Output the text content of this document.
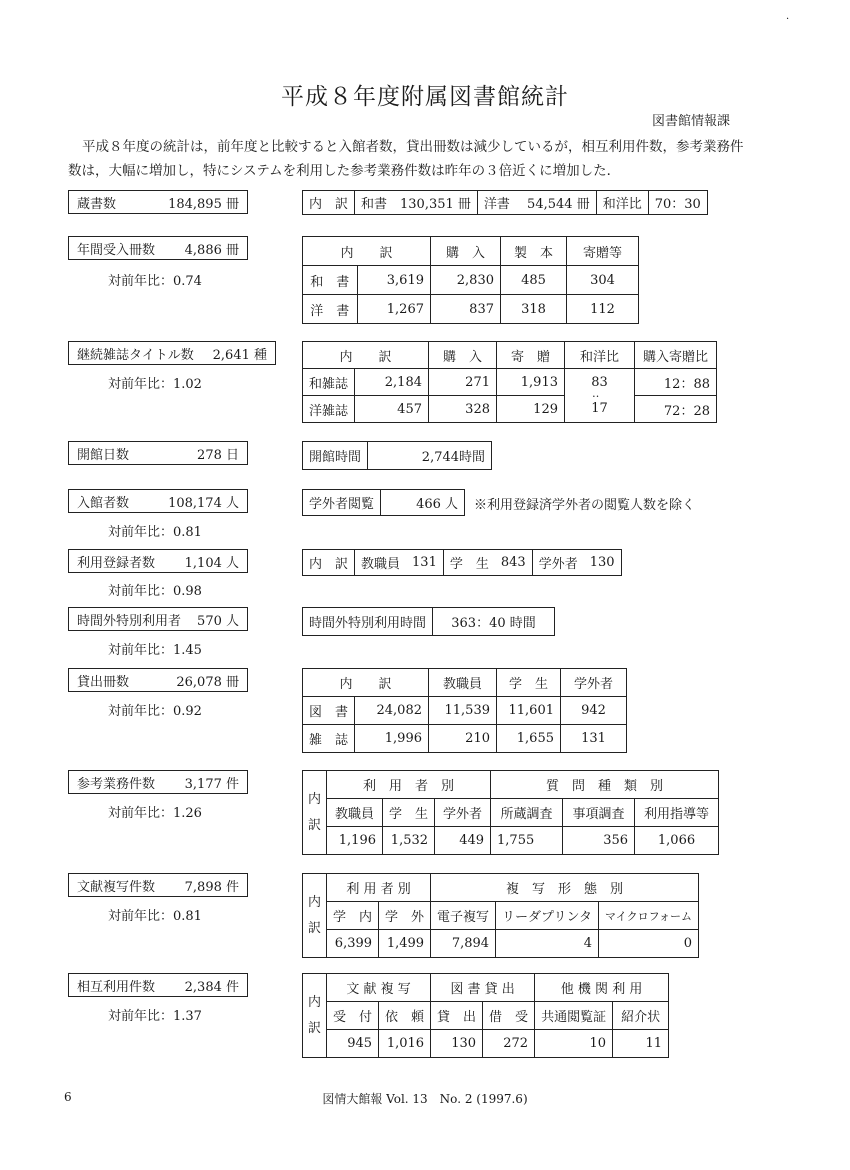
·
平成８年度附属図書館統計
図書館情報課
平成８年度の統計は，前年度と比較すると入館者数，貸出冊数は減少しているが，相互利用件数，参考業務件数は，大幅に増加し，特にシステムを利用した参考業務件数は昨年の３倍近くに増加した．
蔵書数	184,895 冊	内　訳	和書　130,351 冊	洋書　 54,544 冊	和洋比	70：30
年間受入冊数	4,886 冊
対前年比：0.74
内　　訳		購　入	製　本	寄贈等
和　書	3,619	2,830	485	304
洋　書	1,267	837	318	112
継続雑誌タイトル数	2,641 種
対前年比：1.02
内　　訳		購　入	寄　贈	和洋比	購入寄贈比
和雑誌	2,184	271	1,913	83	12：88
洋雑誌	457	328	129	17	72：28
‥
開館日数	278 日	開館時間	2,744時間
入館者数	108,174 人
対前年比：0.81
学外者閲覧	466 人 ※利用登録済学外者の閲覧人数を除く
利用登録者数	1,104 人
対前年比：0.98
内　訳	教職員	131	学　生	843	学外者	130
時間外特別利用者	570 人
対前年比：1.45
時間外特別利用時間	363：40 時間
貸出冊数	26,078 冊
対前年比：0.92
内　　訳		教職員	学　生	学外者
図　書	24,082	11,539	11,601	942
雑　誌	1,996	210	1,655	131
参考業務件数	3,177 件
対前年比：1.26
内訳	利　用　者　別			質　問　種　類　別		
	教職員	学　生	学外者	所蔵調査	事項調査	利用指導等
	1,196	1,532	449	1,755	356	1,066
文献複写件数	7,898 件
対前年比：0.81
内訳	利 用 者 別		複　写　形　態　別		
	学　内	学　外	電子複写	リーダプリンタ	マイクロフォーム
	6,399	1,499	7,894	4	0
相互利用件数	2,384 件
対前年比：1.37
内訳	文 献 複 写		図 書 貸 出		他 機 関 利 用	
	受　付	依　頼	貸　出	借　受	共通閲覧証	紹介状
	945	1,016	130	272	10	11
6	図情大館報 Vol. 13　No. 2 (1997.6)
